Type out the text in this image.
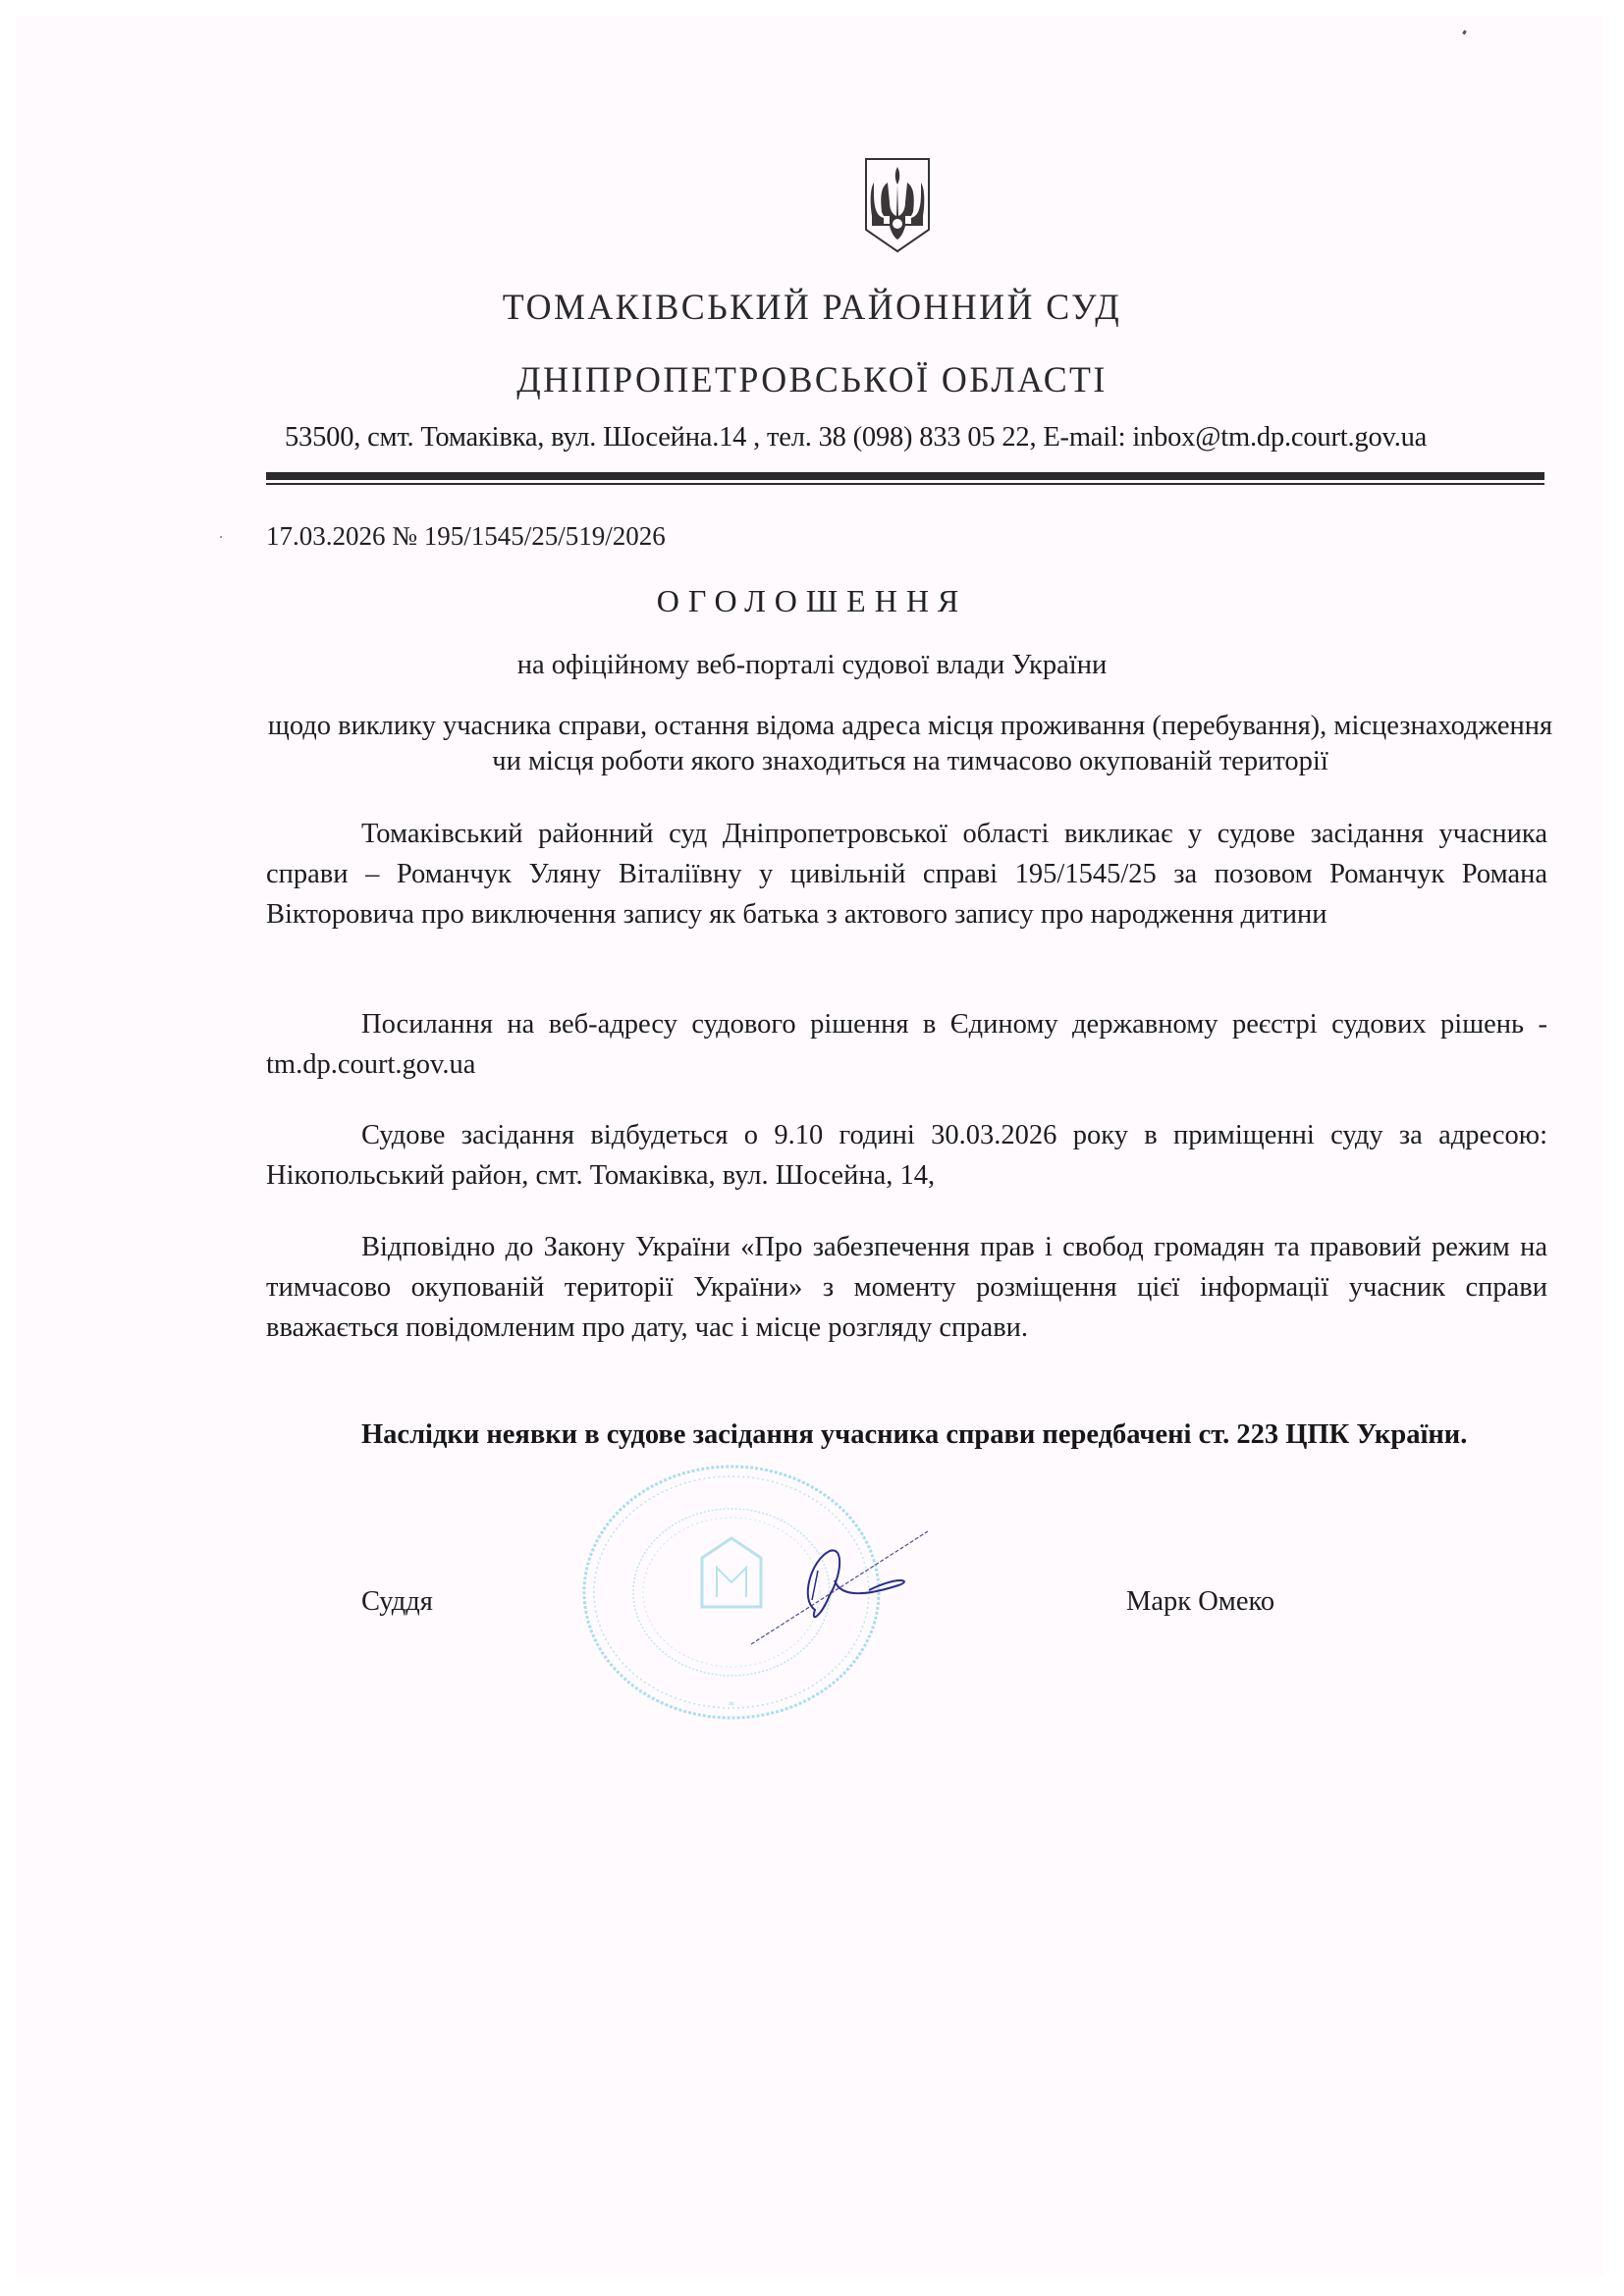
ТОМАКІВСЬКИЙ РАЙОННИЙ СУД
ДНІПРОПЕТРОВСЬКОЇ ОБЛАСТІ
53500, смт. Томаківка, вул. Шосейна.14 , тел. 38 (098) 833 05 22, E-mail: inbox@tm.dp.court.gov.ua
17.03.2026 № 195/1545/25/519/2026
ОГОЛОШЕННЯ
на офіційному веб-порталі судової влади України
щодо виклику учасника справи, остання відома адреса місця проживання (перебування), місцезнаходження чи місця роботи якого знаходиться на тимчасово окупованій території
Томаківський районний суд Дніпропетровської області викликає у судове засідання учасника справи – Романчук Уляну Віталіївну у цивільній справі 195/1545/25 за позовом Романчук Романа Вікторовича про виключення запису як батька з актового запису про народження дитини
Посилання на веб-адресу судового рішення в Єдиному державному реєстрі судових рішень - tm.dp.court.gov.ua
Судове засідання відбудеться о 9.10 годині 30.03.2026 року в приміщенні суду за адресою: Нікопольський район, смт. Томаківка, вул. Шосейна, 14,
Відповідно до Закону України «Про забезпечення прав і свобод громадян та правовий режим на тимчасово окупованій території України» з моменту розміщення цієї інформації учасник справи вважається повідомленим про дату, час і місце розгляду справи.
Наслідки неявки в судове засідання учасника справи передбачені ст. 223 ЦПК України.
*
Суддя	Марк Омеко
